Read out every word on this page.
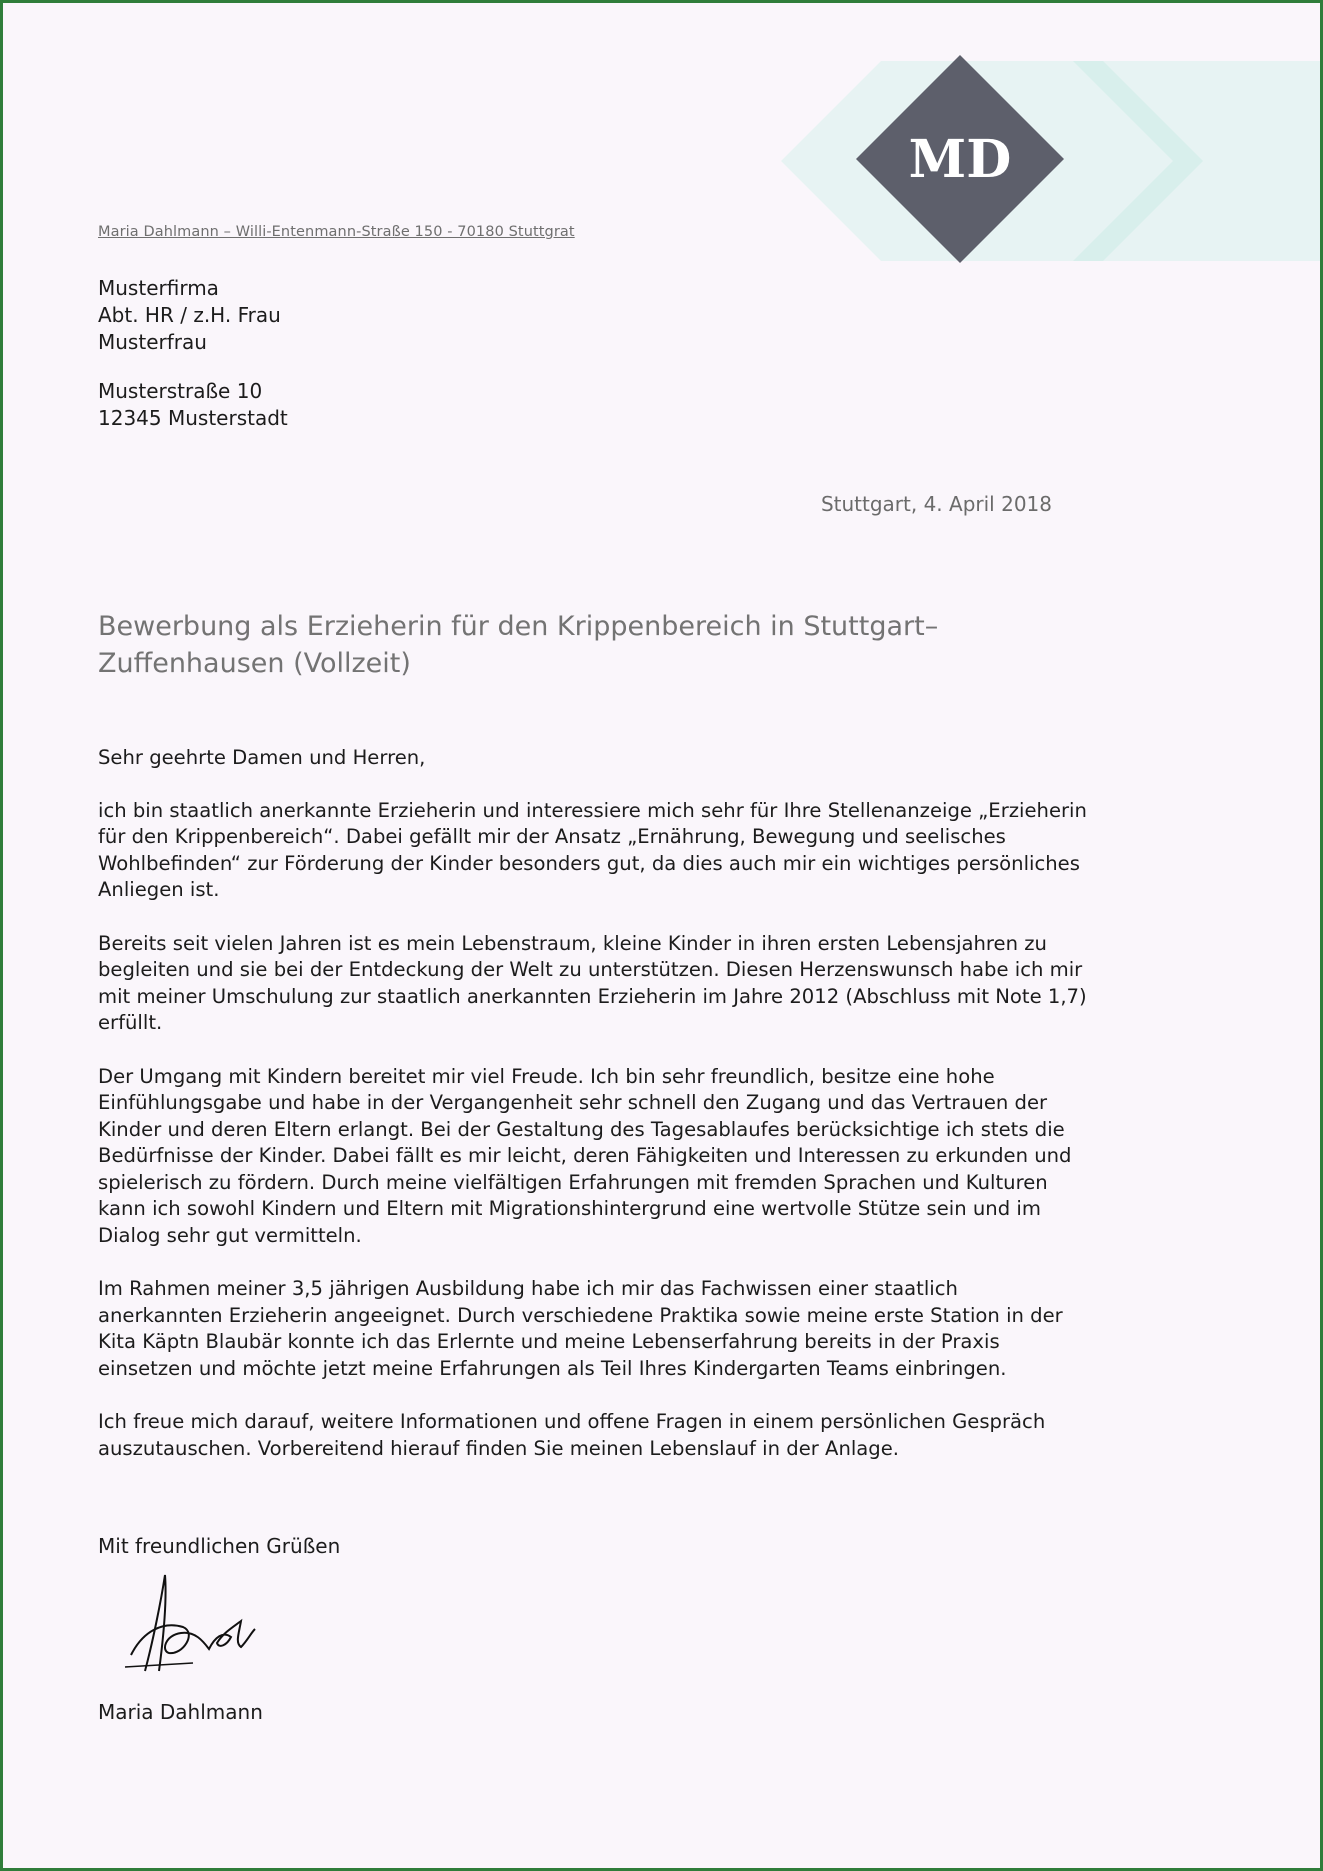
MD
Maria Dahlmann – Willi-Entenmann-Straße 150 - 70180 Stuttgrat
Musterfirma
Abt. HR / z.H. Frau
Musterfrau
Musterstraße 10
12345 Musterstadt
Stuttgart, 4. April 2018
Bewerbung als Erzieherin für den Krippenbereich in Stuttgart–
Zuffenhausen (Vollzeit)

Sehr geehrte Damen und Herren,

ich bin staatlich anerkannte Erzieherin und interessiere mich sehr für Ihre Stellenanzeige „Erzieherin
für den Krippenbereich“. Dabei gefällt mir der Ansatz „Ernährung, Bewegung und seelisches
Wohlbefinden“ zur Förderung der Kinder besonders gut, da dies auch mir ein wichtiges persönliches
Anliegen ist.

Bereits seit vielen Jahren ist es mein Lebenstraum, kleine Kinder in ihren ersten Lebensjahren zu
begleiten und sie bei der Entdeckung der Welt zu unterstützen. Diesen Herzenswunsch habe ich mir
mit meiner Umschulung zur staatlich anerkannten Erzieherin im Jahre 2012 (Abschluss mit Note 1,7)
erfüllt.

Der Umgang mit Kindern bereitet mir viel Freude. Ich bin sehr freundlich, besitze eine hohe
Einfühlungsgabe und habe in der Vergangenheit sehr schnell den Zugang und das Vertrauen der
Kinder und deren Eltern erlangt. Bei der Gestaltung des Tagesablaufes berücksichtige ich stets die
Bedürfnisse der Kinder. Dabei fällt es mir leicht, deren Fähigkeiten und Interessen zu erkunden und
spielerisch zu fördern. Durch meine vielfältigen Erfahrungen mit fremden Sprachen und Kulturen
kann ich sowohl Kindern und Eltern mit Migrationshintergrund eine wertvolle Stütze sein und im
Dialog sehr gut vermitteln.

Im Rahmen meiner 3,5 jährigen Ausbildung habe ich mir das Fachwissen einer staatlich
anerkannten Erzieherin angeeignet. Durch verschiedene Praktika sowie meine erste Station in der
Kita Käptn Blaubär konnte ich das Erlernte und meine Lebenserfahrung bereits in der Praxis
einsetzen und möchte jetzt meine Erfahrungen als Teil Ihres Kindergarten Teams einbringen.

Ich freue mich darauf, weitere Informationen und offene Fragen in einem persönlichen Gespräch
auszutauschen. Vorbereitend hierauf finden Sie meinen Lebenslauf in der Anlage.

Mit freundlichen Grüßen
Maria Dahlmann
